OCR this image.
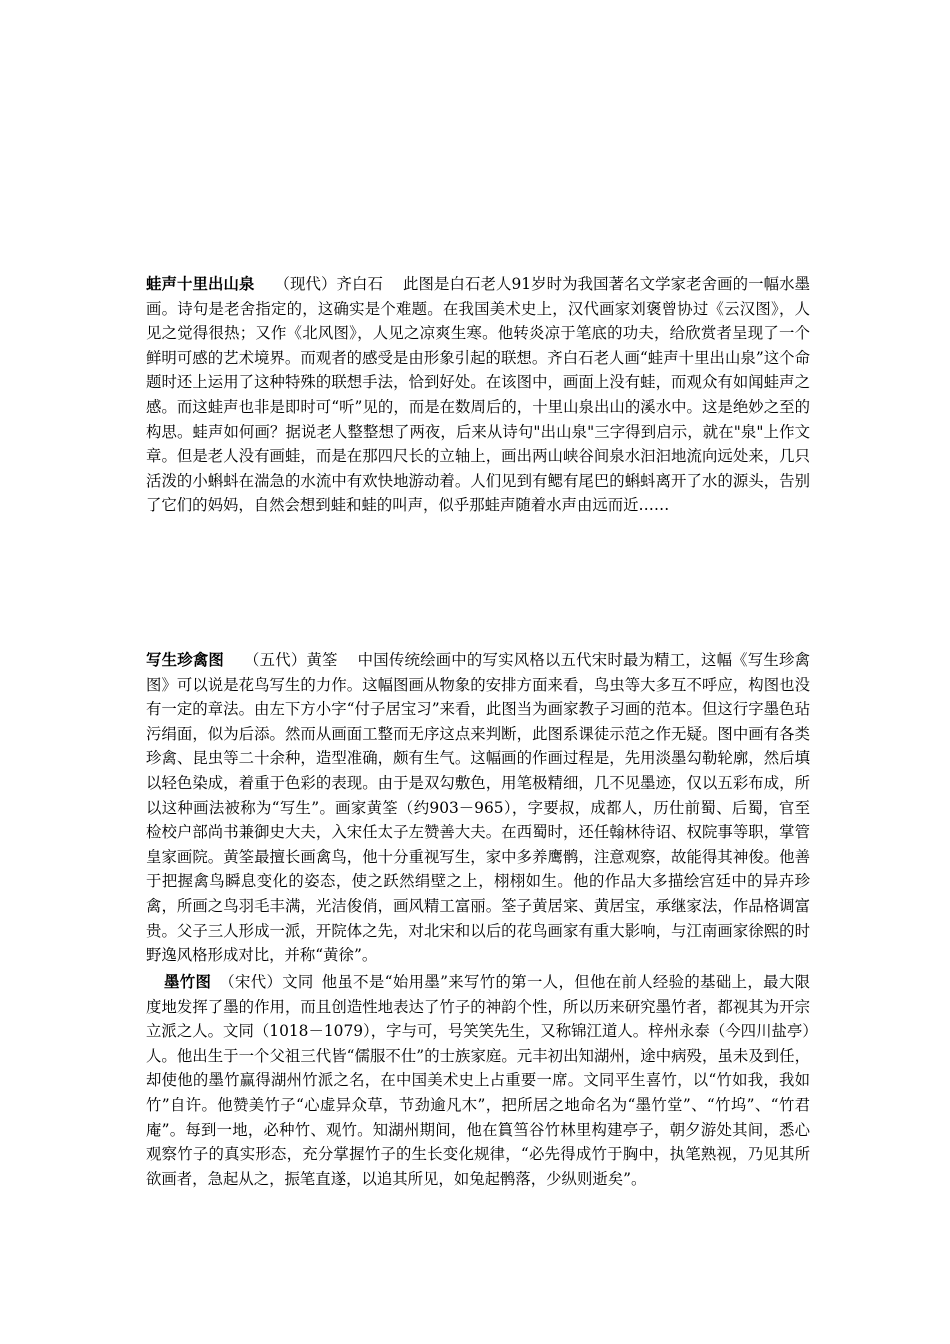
蛙声十里出山泉 （现代）齐白石 此图是白石老人91岁时为我国著名文学家老舍画的一幅水墨画。诗句是老舍指定的，这确实是个难题。在我国美术史上，汉代画家刘褒曾协过《云汉图》，人见之觉得很热；又作《北风图》，人见之凉爽生寒。他转炎凉于笔底的功夫，给欣赏者呈现了一个鲜明可感的艺术境界。而观者的感受是由形象引起的联想。齐白石老人画“蛙声十里出山泉”这个命题时还上运用了这种特殊的联想手法，恰到好处。在该图中，画面上没有蛙，而观众有如闻蛙声之感。而这蛙声也非是即时可“听”见的，而是在数周后的，十里山泉出山的溪水中。这是绝妙之至的构思。蛙声如何画？据说老人整整想了两夜，后来从诗句"出山泉"三字得到启示，就在"泉"上作文章。但是老人没有画蛙，而是在那四尺长的立轴上，画出两山峡谷间泉水汩汩地流向远处来，几只活泼的小蝌蚪在湍急的水流中有欢快地游动着。人们见到有鳃有尾巴的蝌蚪离开了水的源头，告别了它们的妈妈，自然会想到蛙和蛙的叫声，似乎那蛙声随着水声由远而近……

写生珍禽图 （五代）黄筌 中国传统绘画中的写实风格以五代宋时最为精工，这幅《写生珍禽图》可以说是花鸟写生的力作。这幅图画从物象的安排方面来看，鸟虫等大多互不呼应，构图也没有一定的章法。由左下方小字“付子居宝习”来看，此图当为画家教子习画的范本。但这行字墨色玷污绢面，似为后添。然而从画面工整而无序这点来判断，此图系课徒示范之作无疑。图中画有各类珍禽、昆虫等二十余种，造型准确，颇有生气。这幅画的作画过程是，先用淡墨勾勒轮廓，然后填以轻色染成，着重于色彩的表现。由于是双勾敷色，用笔极精细，几不见墨迹，仅以五彩布成，所以这种画法被称为“写生”。画家黄筌（约903－965），字要叔，成都人，历仕前蜀、后蜀，官至检校户部尚书兼御史大夫，入宋任太子左赞善大夫。在西蜀时，还任翰林待诏、权院事等职，掌管皇家画院。黄筌最擅长画禽鸟，他十分重视写生，家中多养鹰鹘，注意观察，故能得其神俊。他善于把握禽鸟瞬息变化的姿态，使之跃然绢壁之上，栩栩如生。他的作品大多描绘宫廷中的异卉珍禽，所画之鸟羽毛丰满，光洁俊俏，画风精工富丽。筌子黄居寀、黄居宝，承继家法，作品格调富贵。父子三人形成一派，开院体之先，对北宋和以后的花鸟画家有重大影响，与江南画家徐熙的时野逸风格形成对比，并称“黄徐”。

墨竹图 （宋代）文同 他虽不是“始用墨”来写竹的第一人，但他在前人经验的基础上，最大限度地发挥了墨的作用，而且创造性地表达了竹子的神韵个性，所以历来研究墨竹者，都视其为开宗立派之人。文同（1018－1079），字与可，号笑笑先生，又称锦江道人。梓州永泰（今四川盐亭）人。他出生于一个父祖三代皆“儒服不仕”的士族家庭。元丰初出知湖州，途中病殁，虽未及到任，却使他的墨竹赢得湖州竹派之名，在中国美术史上占重要一席。文同平生喜竹，以“竹如我，我如竹”自许。他赞美竹子“心虚异众草，节劲逾凡木”，把所居之地命名为“墨竹堂”、“竹坞”、“竹君庵”。每到一地，必种竹、观竹。知湖州期间，他在篔筜谷竹林里构建亭子，朝夕游处其间，悉心观察竹子的真实形态，充分掌握竹子的生长变化规律，“必先得成竹于胸中，执笔熟视，乃见其所欲画者，急起从之，振笔直遂，以追其所见，如兔起鹘落，少纵则逝矣”。
